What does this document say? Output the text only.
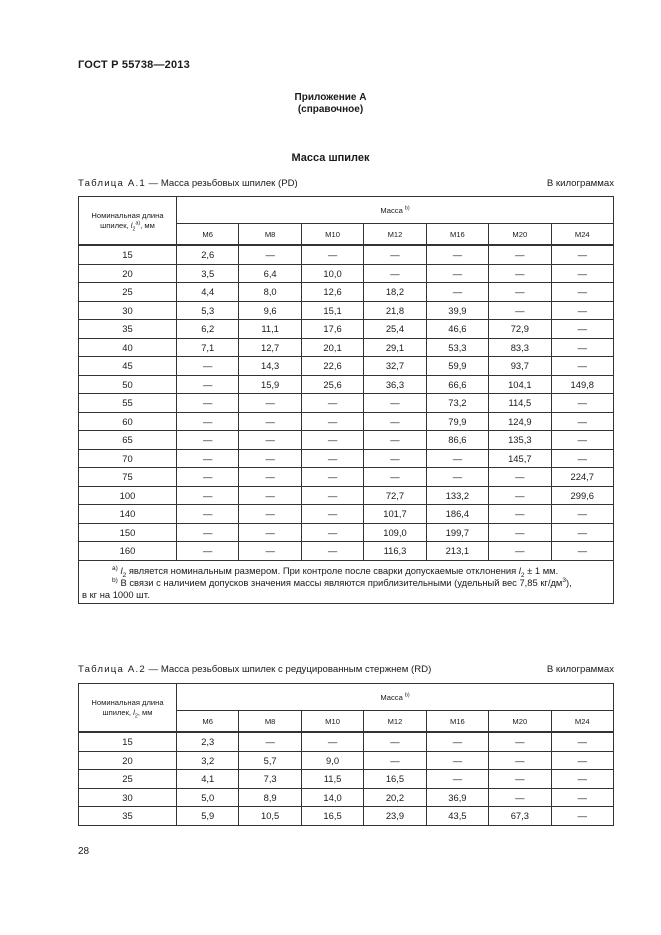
ГОСТ Р 55738—2013
Приложение А
(справочное)
Масса шпилек
Таблица А.1 — Масса резьбовых шпилек (PD)	В килограммах
Номинальная длина
шпилек, $l_2^{а)}$, мм	Масса $^{b)}$
	М6	М8	М10	М12	М16	М20	М24
15	2,6	—	—	—	—	—	—
20	3,5	6,4	10,0	—	—	—	—
25	4,4	8,0	12,6	18,2	—	—	—
30	5,3	9,6	15,1	21,8	39,9	—	—
35	6,2	11,1	17,6	25,4	46,6	72,9	—
40	7,1	12,7	20,1	29,1	53,3	83,3	—
45	—	14,3	22,6	32,7	59,9	93,7	—
50	—	15,9	25,6	36,3	66,6	104,1	149,8
55	—	—	—	—	73,2	114,5	—
60	—	—	—	—	79,9	124,9	—
65	—	—	—	—	86,6	135,3	—
70	—	—	—	—	—	145,7	—
75	—	—	—	—	—	—	224,7
100	—	—	—	72,7	133,2	—	299,6
140	—	—	—	101,7	186,4	—	—
150	—	—	—	109,0	199,7	—	—
160	—	—	—	116,3	213,1	—	—

$^{а)}$ $l_2$ является номинальным размером. При контроле после сварки допускаемые отклонения $l_2 \pm 1$ мм.

$^{b)}$ В связи с наличием допусков значения массы являются приблизительными (удельный вес 7,85 $кг/дм^3$),

в кг на 1000 шт.							

Таблица А.2 — Масса резьбовых шпилек с редуцированным стержнем (RD)	В килограммах
Номинальная длина
шпилек, $l_2$, мм	Масса $^{b)}$
	М6	М8	М10	М12	М16	М20	М24
15	2,3	—	—	—	—	—	—
20	3,2	5,7	9,0	—	—	—	—
25	4,1	7,3	11,5	16,5	—	—	—
30	5,0	8,9	14,0	20,2	36,9	—	—
35	5,9	10,5	16,5	23,9	43,5	67,3	—
28
